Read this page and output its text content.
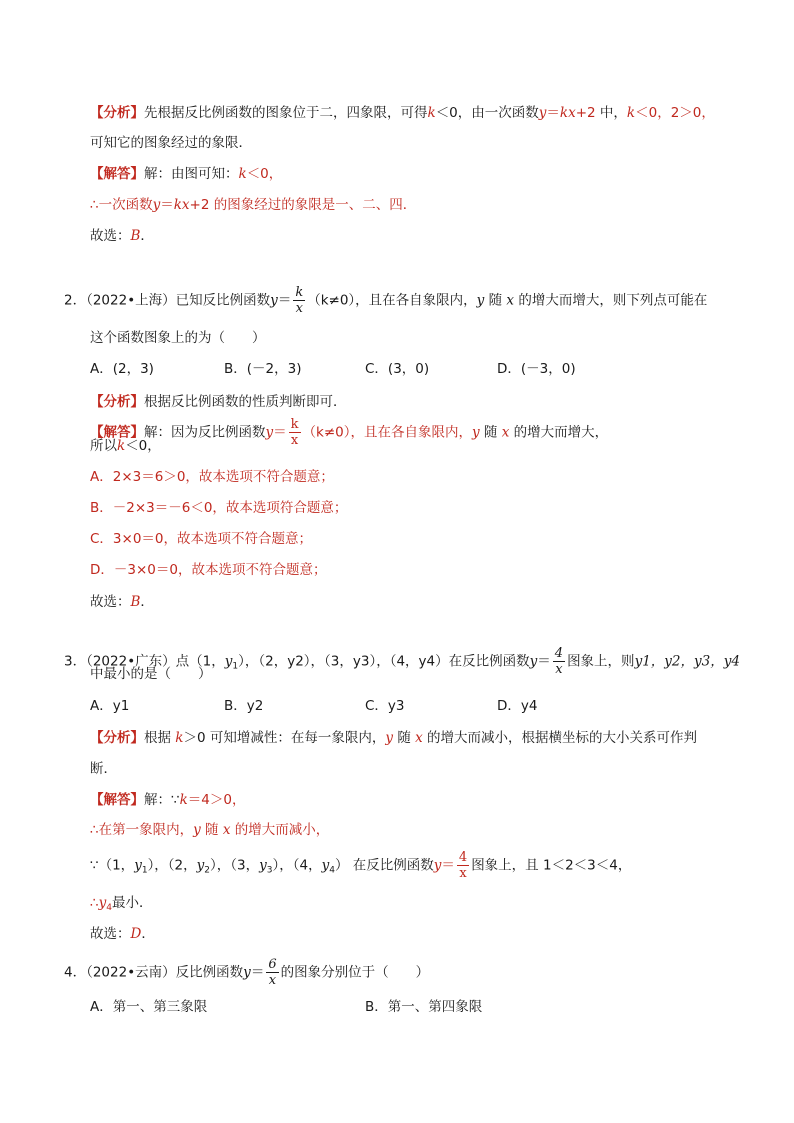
【分析】先根据反比例函数的图象位于二，四象限，可得k＜0，由一次函数y＝kx+2 中，k＜0，2＞0，
可知它的图象经过的象限．
【解答】解：由图可知：k＜0，
∴一次函数y＝kx+2 的图象经过的象限是一、二、四．
故选：B．
2．（2022•上海）已知反比例函数$y= \frac{k}{x} (k\ne 0)$，且在各自象限内，y 随 x 的增大而增大，则下列点可能在
这个函数图象上的为（　　）
A．(2，3)	B．(－2，3)	C．(3，0)	D．(－3，0)
【分析】根据反比例函数的性质判断即可．
【解答】解：因为反比例函数$y= \frac{k}{x} (k\ne 0)$，且在各自象限内，y 随 x 的增大而增大，
所以k＜0，
A．2×3＝6＞0，故本选项不符合题意；
B．－2×3＝－6＜0，故本选项符合题意；
C．3×0＝0，故本选项不符合题意；
D．－3×0＝0，故本选项不符合题意；
故选：B．
3．（2022•广东）点（1，$y_1$），（2，y2），（3，y3），（4，y4）在反比例函数$y= \frac{4}{x}$ 图象上，则y1，y2，y3，y4
中最小的是（　　）
A．y1	B．y2	C．y3	D．y4
【分析】根据 k＞0 可知增减性：在每一象限内，y 随 x 的增大而减小，根据横坐标的大小关系可作判
断．
【解答】解：∵k＝4＞0，
∴在第一象限内，y 随 x 的增大而减小，
∵（1，$y_1$），（2，$y_2$），（3，$y_3$），（4，$y_4$） 在反比例函数$y= \frac{4}{x}$ 图象上，且 1＜2＜3＜4，
$\therefore y_4$最小．
故选：D．
4．（2022•云南）反比例函数$y= \frac{6}{x}$ 的图象分别位于（　　）
A．第一、第三象限	B．第一、第四象限
